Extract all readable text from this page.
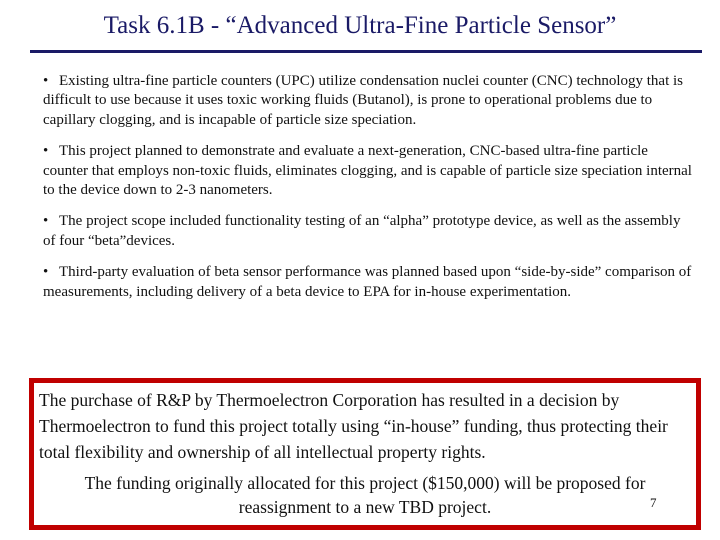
Task 6.1B - “Advanced Ultra-Fine Particle Sensor”

• Existing ultra-fine particle counters (UPC) utilize condensation nuclei counter (CNC) technology that is difficult to use because it uses toxic working fluids (Butanol), is prone to operational problems due to capillary clogging, and is incapable of particle size speciation.

• This project planned to demonstrate and evaluate a next-generation, CNC-based ultra-fine particle counter that employs non-toxic fluids, eliminates clogging, and is capable of particle size speciation internal to the device down to 2-3 nanometers.

• The project scope included functionality testing of an “alpha” prototype device, as well as the assembly of four “beta”devices.

• Third-party evaluation of beta sensor performance was planned based upon “side-by-side” comparison of measurements, including delivery of a beta device to EPA for in-house experimentation.

The purchase of R&P by Thermoelectron Corporation has resulted in a decision by Thermoelectron to fund this project totally using “in-house” funding, thus protecting their total flexibility and ownership of all intellectual property rights.
The funding originally allocated for this project ($150,000) will be proposed for reassignment to a new TBD project.	7
